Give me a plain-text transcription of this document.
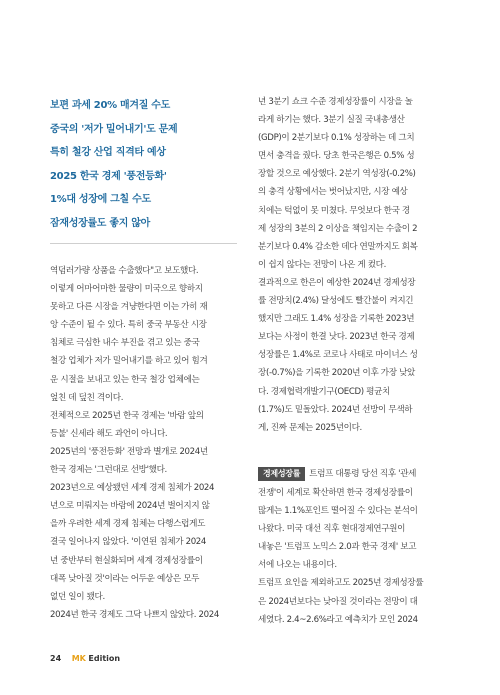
보편 과세 20% 매겨질 수도
중국의 '저가 밀어내기'도 문제
특히 철강 산업 직격타 예상
2025 한국 경제 '풍전등화'
1%대 성장에 그칠 수도
잠재성장률도 좋지 않아
역덤러가량 상품을 수출했다"고 보도했다.
이렇게 어마어마한 물량이 미국으로 향하지
못하고 다른 시장을 겨냥한다면 이는 가히 재
앙 수준이 될 수 있다. 특히 중국 부동산 시장
침체로 극심한 내수 부진을 겪고 있는 중국
철강 업체가 저가 밀어내기를 하고 있어 힘겨
운 시절을 보내고 있는 한국 철강 업체에는
엎친 데 덮친 격이다.
전체적으로 2025년 한국 경제는 '바람 앞의
등불' 신세라 해도 과언이 아니다.
2025년의 '풍전등화' 전망과 별개로 2024년
한국 경제는 '그런대로 선방'했다.
2023년으로 예상됐던 세계 경제 침체가 2024
년으로 미뤄지는 바람에 2024년 벌어지지 않
을까 우려한 세계 경제 침체는 다행스럽게도
결국 일어나지 않았다. '이연된 침체가 2024
년 중반부터 현실화되며 세계 경제성장률이
대폭 낮아질 것'이라는 어두운 예상은 모두
없던 일이 됐다.
2024년 한국 경제도 그닥 나쁘지 않았다. 2024
년 3분기 쇼크 수준 경제성장률이 시장을 놀
라게 하기는 했다. 3분기 실질 국내총생산
(GDP)이 2분기보다 0.1% 성장하는 데 그치
면서 충격을 줬다. 당초 한국은행은 0.5% 성
장할 것으로 예상했다. 2분기 역성장(-0.2%)
의 충격 상황에서는 벗어났지만, 시장 예상
치에는 턱없이 못 미쳤다. 무엇보다 한국 경
제 성장의 3분의 2 이상을 책임지는 수출이 2
분기보다 0.4% 감소한 데다 연말까지도 회복
이 쉽지 않다는 전망이 나온 게 컸다.
결과적으로 한은이 예상한 2024년 경제성장
률 전망치(2.4%) 달성에도 빨간불이 켜지긴
했지만 그래도 1.4% 성장을 기록한 2023년
보다는 사정이 한결 낫다. 2023년 한국 경제
성장률은 1.4%로 코로나 사태로 마이너스 성
장(-0.7%)을 기록한 2020년 이후 가장 낮았
다. 경제협력개발기구(OECD) 평균치
(1.7%)도 밑돌았다. 2024년 선방이 무색하
게, 진짜 문제는 2025년이다.
경제성장률 트럼프 대통령 당선 직후 '관세
전쟁'이 세계로 확산하면 한국 경제성장률이
많게는 1.1%포인트 떨어질 수 있다는 분석이
나왔다. 미국 대선 직후 현대경제연구원이
내놓은 '트럼프 노믹스 2.0과 한국 경제' 보고
서에 나오는 내용이다.
트럼프 요인을 제외하고도 2025년 경제성장률
은 2024년보다는 낮아질 것이라는 전망이 대
세였다. 2.4~2.6%라고 예측치가 모인 2024
24 MK Edition
